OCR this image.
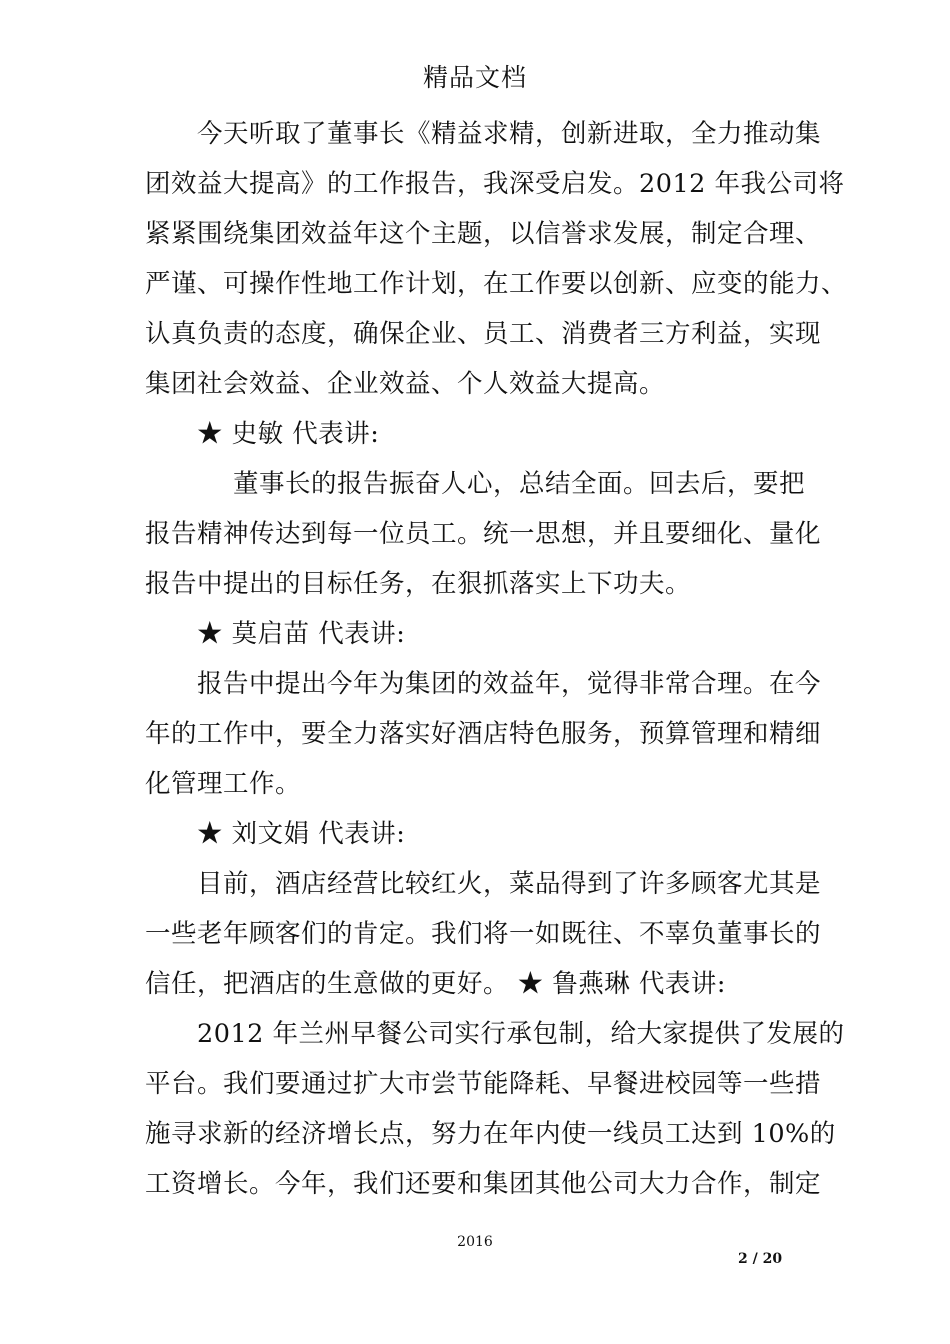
精品文档
今天听取了董事长《精益求精，创新进取，全力推动集
团效益大提高》的工作报告，我深受启发。2012 年我公司将
紧紧围绕集团效益年这个主题，以信誉求发展，制定合理、
严谨、可操作性地工作计划，在工作要以创新、应变的能力、
认真负责的态度，确保企业、员工、消费者三方利益，实现
集团社会效益、企业效益、个人效益大提高。
★ 史敏 代表讲:
董事长的报告振奋人心，总结全面。回去后，要把
报告精神传达到每一位员工。统一思想，并且要细化、量化
报告中提出的目标任务，在狠抓落实上下功夫。
★ 莫启苗 代表讲:
报告中提出今年为集团的效益年，觉得非常合理。在今
年的工作中，要全力落实好酒店特色服务，预算管理和精细
化管理工作。
★ 刘文娟 代表讲:
目前，酒店经营比较红火，菜品得到了许多顾客尤其是
一些老年顾客们的肯定。我们将一如既往、不辜负董事长的
信任，把酒店的生意做的更好。 ★ 鲁燕琳 代表讲:
2012 年兰州早餐公司实行承包制，给大家提供了发展的
平台。我们要通过扩大市尝节能降耗、早餐进校园等一些措
施寻求新的经济增长点，努力在年内使一线员工达到 10%的
工资增长。今年，我们还要和集团其他公司大力合作，制定
2016
2 / 20
